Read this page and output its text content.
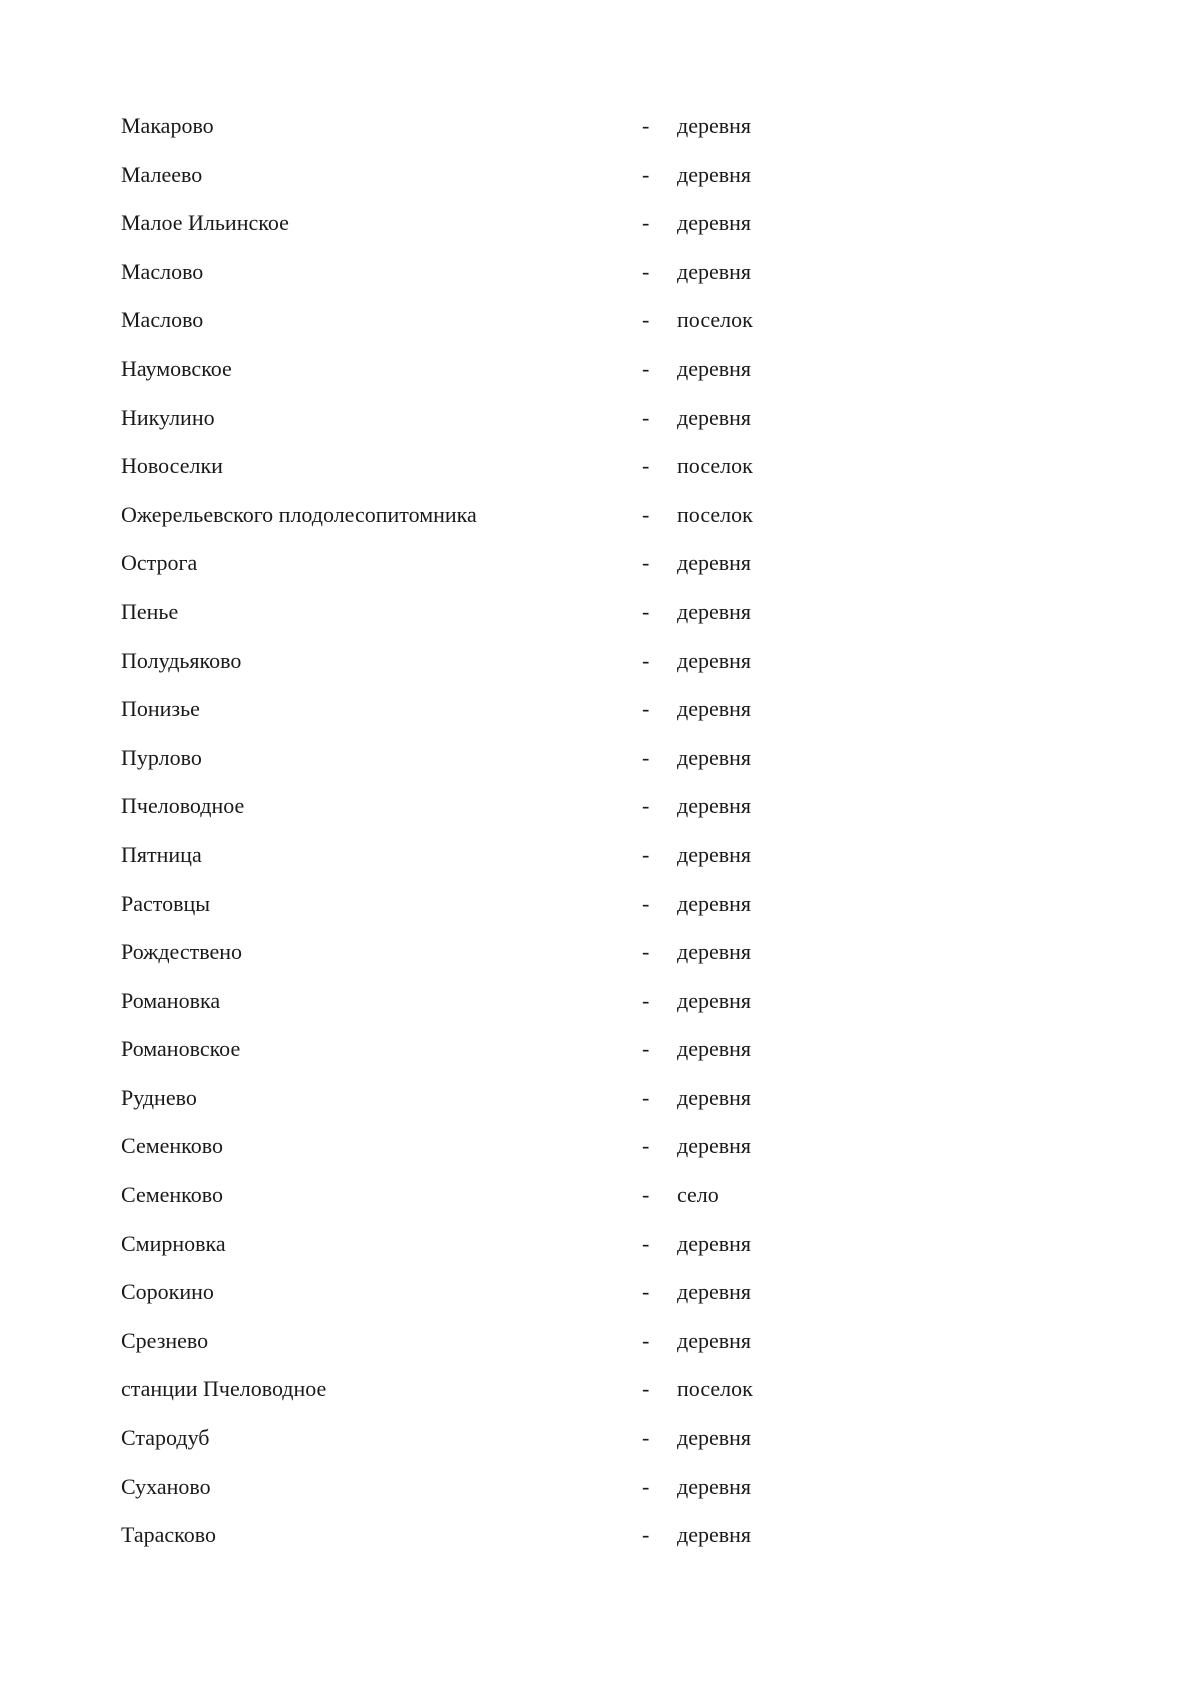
Макарово	- деревня
Малеево	- деревня
Малое Ильинское	- деревня
Маслово	- деревня
Маслово	- поселок
Наумовское	- деревня
Никулино	- деревня
Новоселки	- поселок
Ожерельевского плодолесопитомника	- поселок
Острога	- деревня
Пенье	- деревня
Полудьяково	- деревня
Понизье	- деревня
Пурлово	- деревня
Пчеловодное	- деревня
Пятница	- деревня
Растовцы	- деревня
Рождествено	- деревня
Романовка	- деревня
Романовское	- деревня
Руднево	- деревня
Семенково	- деревня
Семенково	- село
Смирновка	- деревня
Сорокино	- деревня
Срезнево	- деревня
станции Пчеловодное	- поселок
Стародуб	- деревня
Суханово	- деревня
Тарасково	- деревня
